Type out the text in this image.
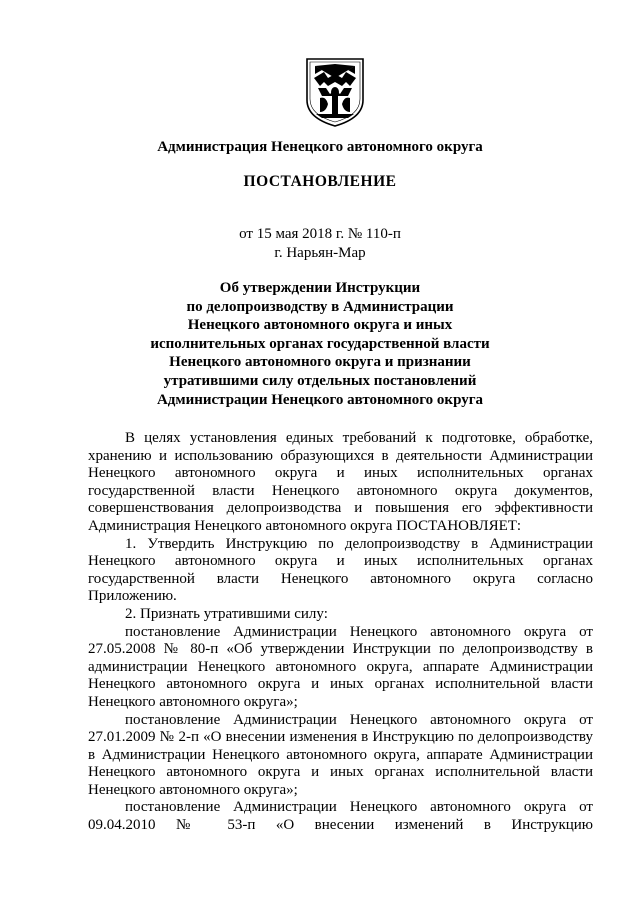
Администрация Ненецкого автономного округа
ПОСТАНОВЛЕНИЕ
от 15 мая 2018 г. № 110-п
г. Нарьян-Мар
Об утверждении Инструкции
по делопроизводству в Администрации
Ненецкого автономного округа и иных
исполнительных органах государственной власти
Ненецкого автономного округа и признании
утратившими силу отдельных постановлений
Администрации Ненецкого автономного округа

В целях установления единых требований к подготовке, обработке, хранению и использованию образующихся в деятельности Администрации Ненецкого автономного округа и иных исполнительных органах государственной власти Ненецкого автономного округа документов, совершенствования делопроизводства и повышения его эффективности Администрация Ненецкого автономного округа ПОСТАНОВЛЯЕТ:

1. Утвердить Инструкцию по делопроизводству в Администрации Ненецкого автономного округа и иных исполнительных органах государственной власти Ненецкого автономного округа согласно Приложению.

2. Признать утратившими силу:

постановление Администрации Ненецкого автономного округа от 27.05.2008 № 80-п «Об утверждении Инструкции по делопроизводству в администрации Ненецкого автономного округа, аппарате Администрации Ненецкого автономного округа и иных органах исполнительной власти Ненецкого автономного округа»;

постановление Администрации Ненецкого автономного округа от 27.01.2009 № 2-п «О внесении изменения в Инструкцию по делопроизводству в Администрации Ненецкого автономного округа, аппарате Администрации Ненецкого автономного округа и иных органах исполнительной власти Ненецкого автономного округа»;

постановление Администрации Ненецкого автономного округа от 09.04.2010 № 53-п «О внесении изменений в Инструкцию
